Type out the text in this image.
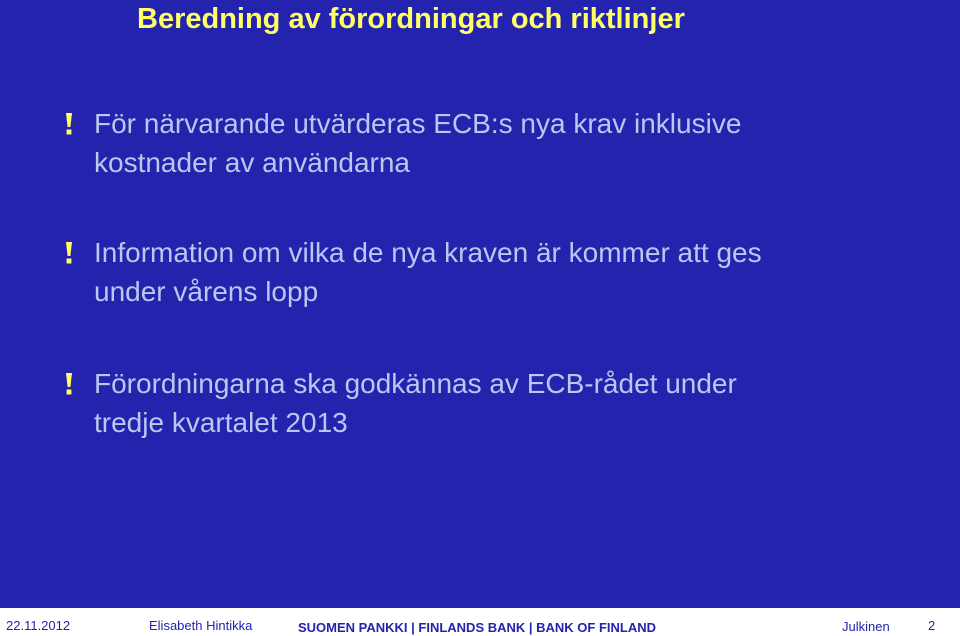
Beredning av förordningar och riktlinjer

För närvarande utvärderas ECB:s nya krav inklusive
kostnader av användarna

Information om vilka de nya kraven är kommer att ges
under vårens lopp

Förordningarna ska godkännas av ECB-rådet under
tredje kvartalet 2013

22.11.2012	Elisabeth Hintikka	SUOMEN PANKKI | FINLANDS BANK | BANK OF FINLAND	Julkinen	2
